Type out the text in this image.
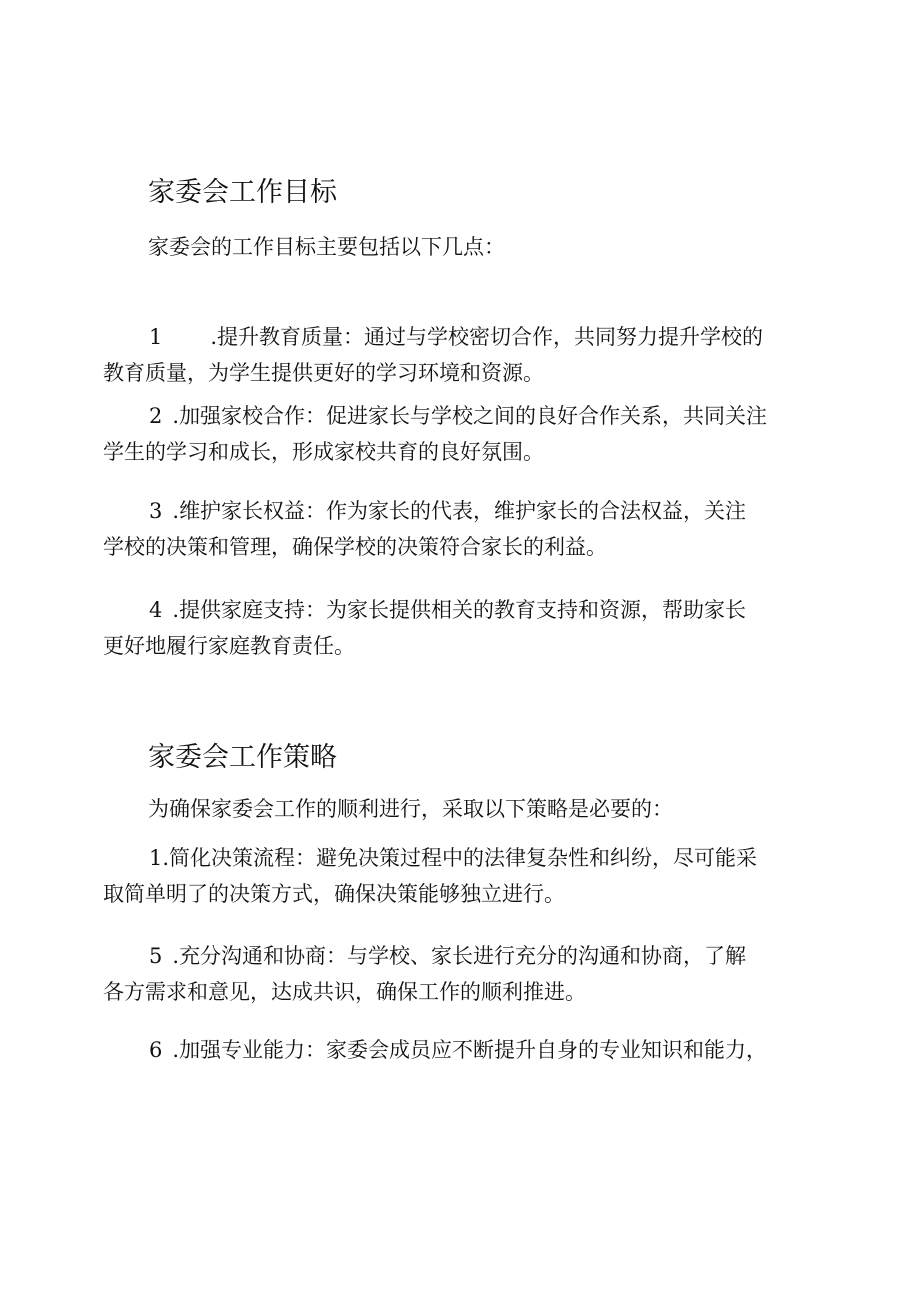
家委会工作目标

家委会的工作目标主要包括以下几点：

1 .提升教育质量：通过与学校密切合作，共同努力提升学校的
教育质量，为学生提供更好的学习环境和资源。
2 .加强家校合作：促进家长与学校之间的良好合作关系，共同关注
学生的学习和成长，形成家校共育的良好氛围。
3 .维护家长权益：作为家长的代表，维护家长的合法权益，关注
学校的决策和管理，确保学校的决策符合家长的利益。
4 .提供家庭支持：为家长提供相关的教育支持和资源，帮助家长
更好地履行家庭教育责任。
家委会工作策略

为确保家委会工作的顺利进行，采取以下策略是必要的：

1.简化决策流程：避免决策过程中的法律复杂性和纠纷，尽可能采
取简单明了的决策方式，确保决策能够独立进行。
5 .充分沟通和协商：与学校、家长进行充分的沟通和协商，了解
各方需求和意见，达成共识，确保工作的顺利推进。
6 .加强专业能力：家委会成员应不断提升自身的专业知识和能力，
